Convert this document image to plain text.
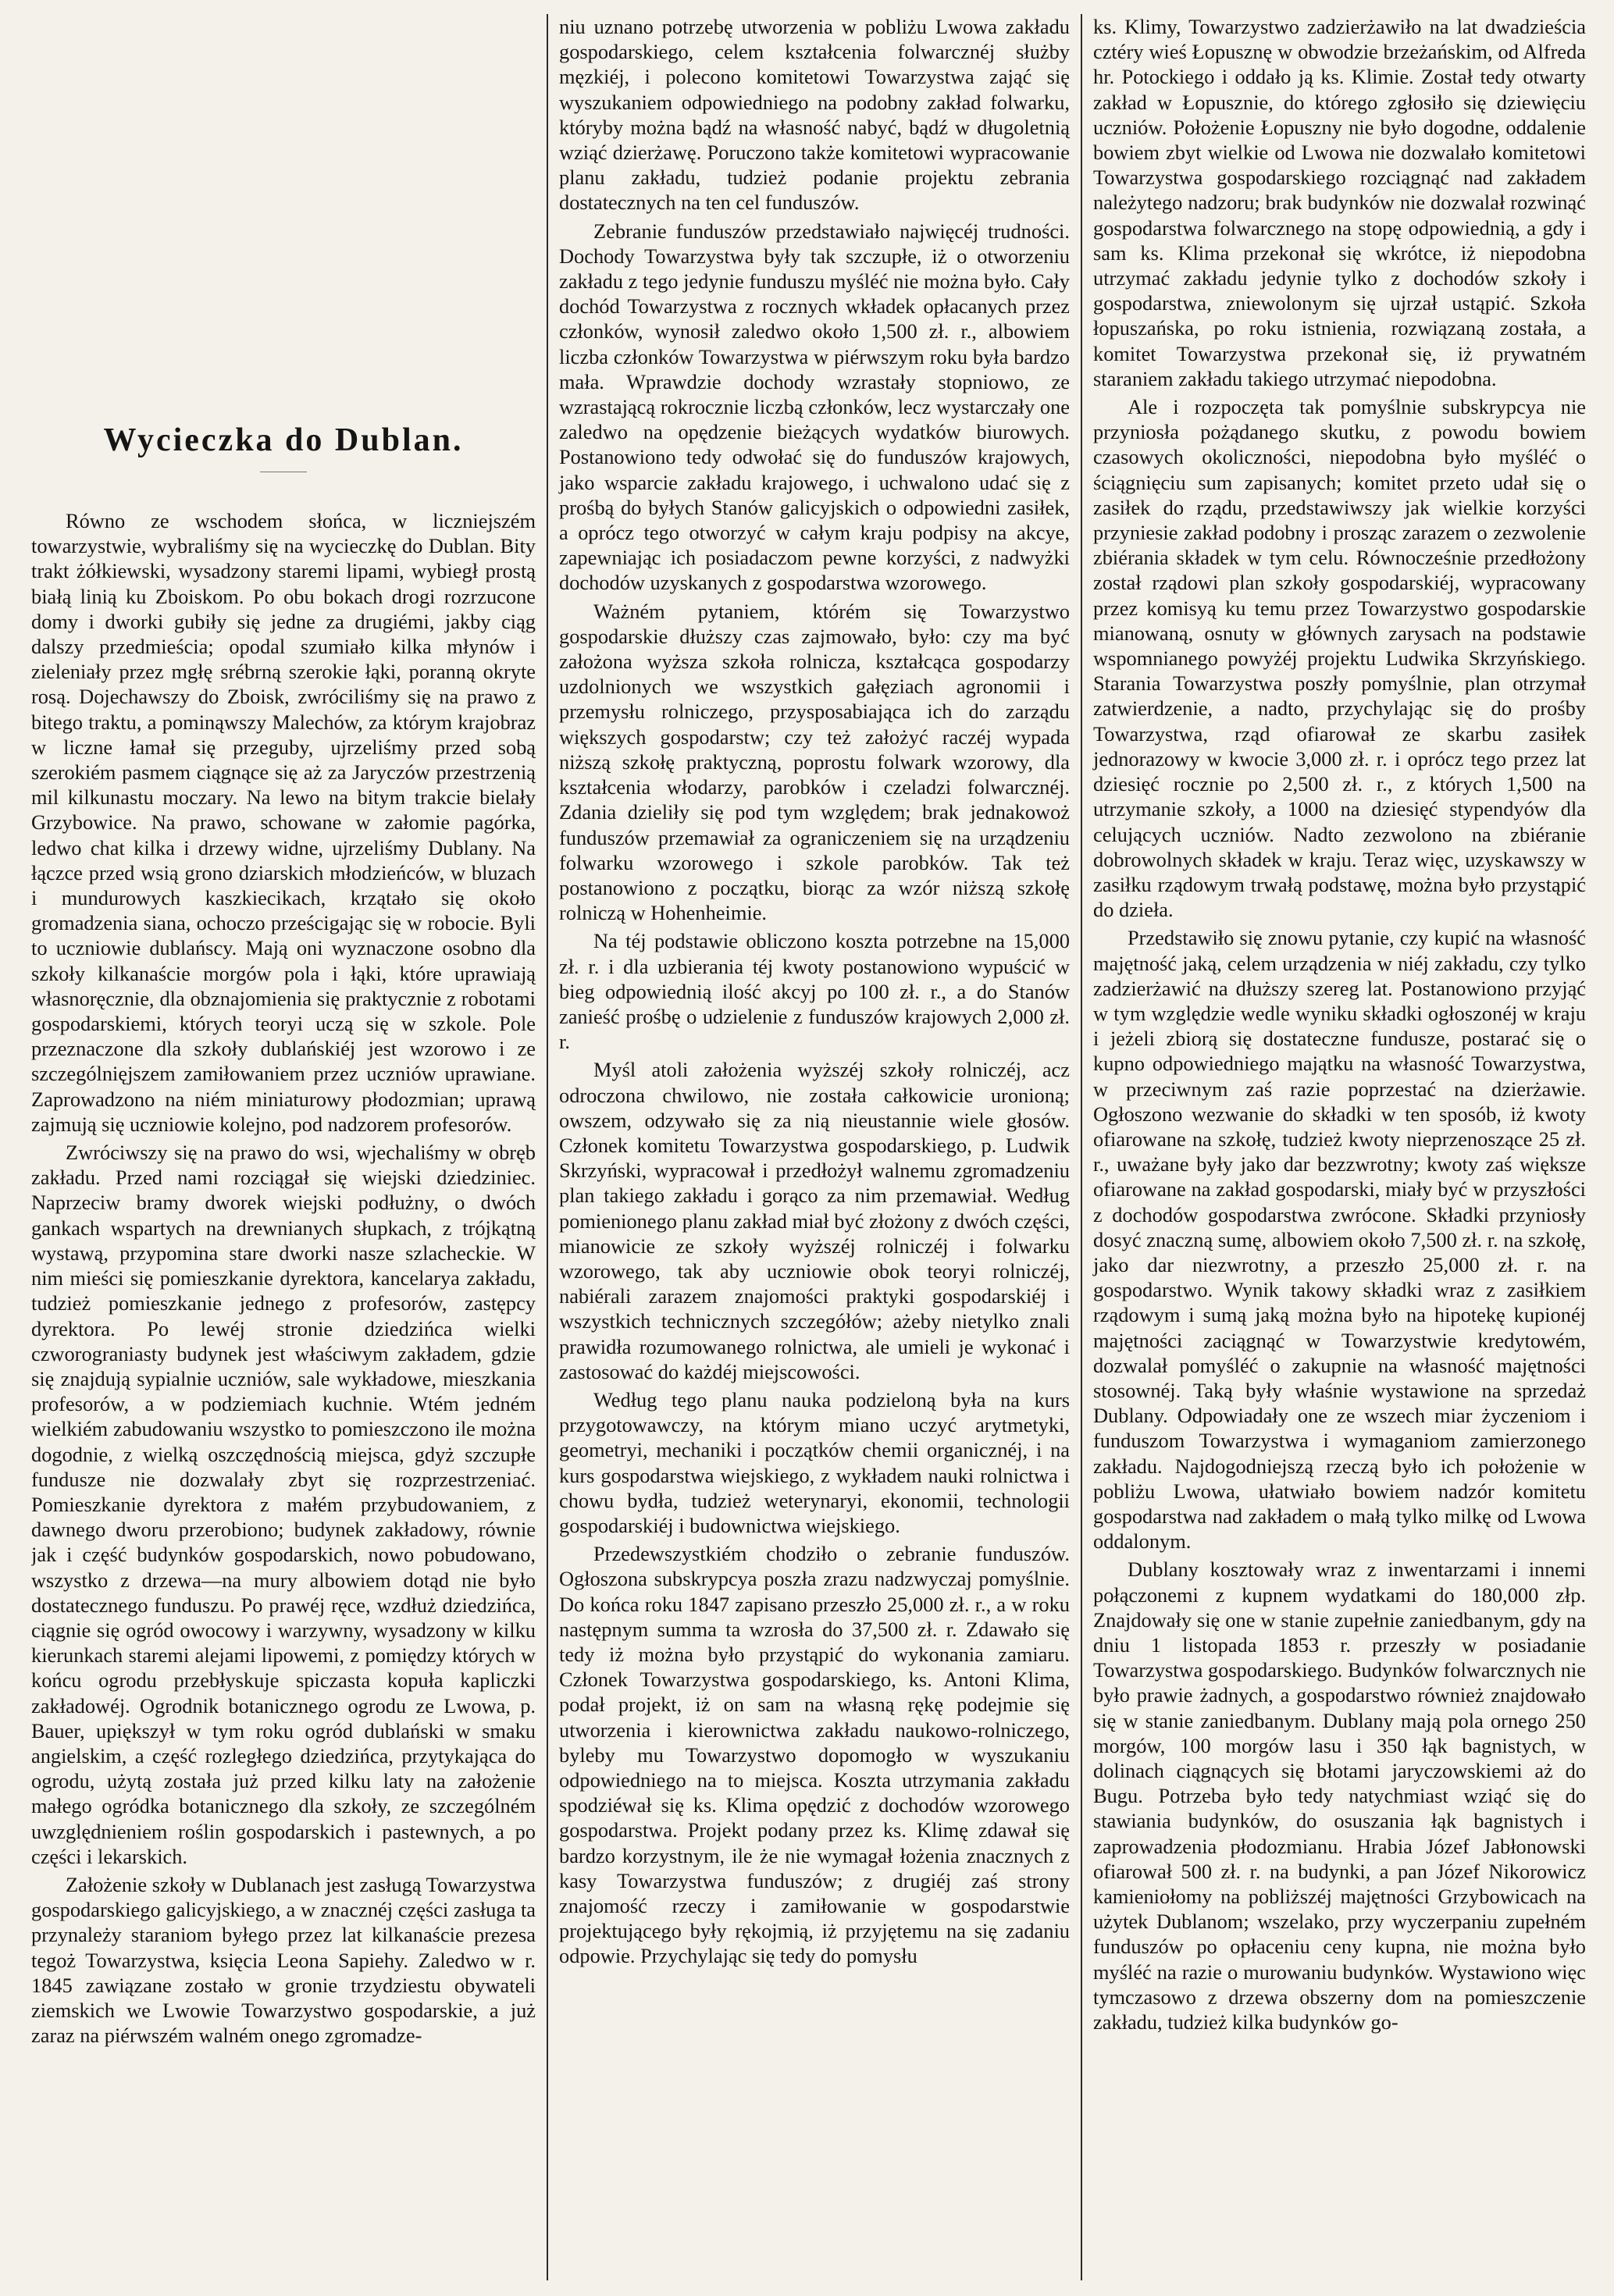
Wycieczka do Dublan.

Równo ze wschodem słońca, w liczniejszém towarzystwie, wybraliśmy się na wycieczkę do Dublan. Bity trakt żółkiewski, wysadzony staremi lipami, wybiegł prostą białą linią ku Zboiskom. Po obu bokach drogi rozrzucone domy i dworki gubiły się jedne za drugiémi, jakby ciąg dalszy przedmieścia; opodal szumiało kilka młynów i zieleniały przez mgłę srébrną szerokie łąki, poranną okryte rosą. Dojechawszy do Zboisk, zwróciliśmy się na prawo z bitego traktu, a pominąwszy Malechów, za którym krajobraz w liczne łamał się przeguby, ujrzeliśmy przed sobą szerokiém pasmem ciągnące się aż za Jaryczów przestrzenią mil kilkunastu moczary. Na lewo na bitym trakcie bielały Grzybowice. Na prawo, schowane w załomie pagórka, ledwo chat kilka i drzewy widne, ujrzeliśmy Dublany. Na łączce przed wsią grono dziarskich młodzieńców, w bluzach i mundurowych kaszkiecikach, krzątało się około gromadzenia siana, ochoczo prześcigając się w robocie. Byli to uczniowie dublańscy. Mają oni wyznaczone osobno dla szkoły kilkanaście morgów pola i łąki, które uprawiają własnoręcznie, dla obznajomienia się praktycznie z robotami gospodarskiemi, których teoryi uczą się w szkole. Pole przeznaczone dla szkoły dublańskiéj jest wzorowo i ze szczególnięjszem zamiłowaniem przez uczniów uprawiane. Zaprowadzono na niém miniaturowy płodozmian; uprawą zajmują się uczniowie kolejno, pod nadzorem profesorów.

Zwróciwszy się na prawo do wsi, wjechaliśmy w obręb zakładu. Przed nami rozciągał się wiejski dziedziniec. Naprzeciw bramy dworek wiejski podłużny, o dwóch gankach wspartych na drewnianych słupkach, z trójkątną wystawą, przypomina stare dworki nasze szlacheckie. W nim mieści się pomieszkanie dyrektora, kancelarya zakładu, tudzież pomieszkanie jednego z profesorów, zastępcy dyrektora. Po lewéj stronie dziedzińca wielki czworograniasty budynek jest właściwym zakładem, gdzie się znajdują sypialnie uczniów, sale wykładowe, mieszkania profesorów, a w podziemiach kuchnie. Wtém jedném wielkiém zabudowaniu wszystko to pomieszczono ile można dogodnie, z wielką oszczędnością miejsca, gdyż szczupłe fundusze nie dozwalały zbyt się rozprzestrzeniać. Pomieszkanie dyrektora z małém przybudowaniem, z dawnego dworu przerobiono; budynek zakładowy, równie jak i część budynków gospodarskich, nowo pobudowano, wszystko z drzewa—na mury albowiem dotąd nie było dostatecznego funduszu. Po prawéj ręce, wzdłuż dziedzińca, ciągnie się ogród owocowy i warzywny, wysadzony w kilku kierunkach staremi alejami lipowemi, z pomiędzy których w końcu ogrodu przebłyskuje spiczasta kopuła kapliczki zakładowéj. Ogrodnik botanicznego ogrodu ze Lwowa, p. Bauer, upiększył w tym roku ogród dublański w smaku angielskim, a część rozległego dziedzińca, przytykająca do ogrodu, użytą została już przed kilku laty na założenie małego ogródka botanicznego dla szkoły, ze szczególném uwzględnieniem roślin gospodarskich i pastewnych, a po części i lekarskich.

Założenie szkoły w Dublanach jest zasługą Towarzystwa gospodarskiego galicyjskiego, a w znacznéj części zasługa ta przynależy staraniom byłego przez lat kilkanaście prezesa tegoż Towarzystwa, księcia Leona Sapiehy. Zaledwo w r. 1845 zawiązane zostało w gronie trzydziestu obywateli ziemskich we Lwowie Towarzystwo gospodarskie, a już zaraz na piérwszém walném onego zgromadze-

niu uznano potrzebę utworzenia w pobliżu Lwowa zakładu gospodarskiego, celem kształcenia folwarcznéj służby męzkiéj, i polecono komitetowi Towarzystwa zająć się wyszukaniem odpowiedniego na podobny zakład folwarku, któryby można bądź na własność nabyć, bądź w długoletnią wziąć dzierżawę. Poruczono także komitetowi wypracowanie planu zakładu, tudzież podanie projektu zebrania dostatecznych na ten cel funduszów.

Zebranie funduszów przedstawiało najwięcéj trudności. Dochody Towarzystwa były tak szczupłe, iż o otworzeniu zakładu z tego jedynie funduszu myśléć nie można było. Cały dochód Towarzystwa z rocznych wkładek opłacanych przez członków, wynosił zaledwo około 1,500 zł. r., albowiem liczba członków Towarzystwa w piérwszym roku była bardzo mała. Wprawdzie dochody wzrastały stopniowo, ze wzrastającą rokrocznie liczbą członków, lecz wystarczały one zaledwo na opędzenie bieżących wydatków biurowych. Postanowiono tedy odwołać się do funduszów krajowych, jako wsparcie zakładu krajowego, i uchwalono udać się z prośbą do byłych Stanów galicyjskich o odpowiedni zasiłek, a oprócz tego otworzyć w całym kraju podpisy na akcye, zapewniając ich posiadaczom pewne korzyści, z nadwyżki dochodów uzyskanych z gospodarstwa wzorowego.

Ważném pytaniem, którém się Towarzystwo gospodarskie dłuższy czas zajmowało, było: czy ma być założona wyższa szkoła rolnicza, kształcąca gospodarzy uzdolnionych we wszystkich gałęziach agronomii i przemysłu rolniczego, przysposabiająca ich do zarządu większych gospodarstw; czy też założyć raczéj wypada niższą szkołę praktyczną, poprostu folwark wzorowy, dla kształcenia włodarzy, parobków i czeladzi folwarcznéj. Zdania dzieliły się pod tym względem; brak jednakowoż funduszów przemawiał za ograniczeniem się na urządzeniu folwarku wzorowego i szkole parobków. Tak też postanowiono z początku, biorąc za wzór niższą szkołę rolniczą w Hohenheimie.

Na téj podstawie obliczono koszta potrzebne na 15,000 zł. r. i dla uzbierania téj kwoty postanowiono wypuścić w bieg odpowiednią ilość akcyj po 100 zł. r., a do Stanów zanieść prośbę o udzielenie z funduszów krajowych 2,000 zł. r.

Myśl atoli założenia wyższéj szkoły rolniczéj, acz odroczona chwilowo, nie została całkowicie uronioną; owszem, odzywało się za nią nieustannie wiele głosów. Członek komitetu Towarzystwa gospodarskiego, p. Ludwik Skrzyński, wypracował i przedłożył walnemu zgromadzeniu plan takiego zakładu i gorąco za nim przemawiał. Według pomienionego planu zakład miał być złożony z dwóch części, mianowicie ze szkoły wyższéj rolniczéj i folwarku wzorowego, tak aby uczniowie obok teoryi rolniczéj, nabiérali zarazem znajomości praktyki gospodarskiéj i wszystkich technicznych szczegółów; ażeby nietylko znali prawidła rozumowanego rolnictwa, ale umieli je wykonać i zastosować do każdéj miejscowości.

Według tego planu nauka podzieloną była na kurs przygotowawczy, na którym miano uczyć arytmetyki, geometryi, mechaniki i początków chemii organicznéj, i na kurs gospodarstwa wiejskiego, z wykładem nauki rolnictwa i chowu bydła, tudzież weterynaryi, ekonomii, technologii gospodarskiéj i budownictwa wiejskiego.

Przedewszystkiém chodziło o zebranie funduszów. Ogłoszona subskrypcya poszła zrazu nadzwyczaj pomyślnie. Do końca roku 1847 zapisano przeszło 25,000 zł. r., a w roku następnym summa ta wzrosła do 37,500 zł. r. Zdawało się tedy iż można było przystąpić do wykonania zamiaru. Członek Towarzystwa gospodarskiego, ks. Antoni Klima, podał projekt, iż on sam na własną rękę podejmie się utworzenia i kierownictwa zakładu naukowo-rolniczego, byleby mu Towarzystwo dopomogło w wyszukaniu odpowiedniego na to miejsca. Koszta utrzymania zakładu spodziéwał się ks. Klima opędzić z dochodów wzorowego gospodarstwa. Projekt podany przez ks. Klimę zdawał się bardzo korzystnym, ile że nie wymagał łożenia znacznych z kasy Towarzystwa funduszów; z drugiéj zaś strony znajomość rzeczy i zamiłowanie w gospodarstwie projektującego były rękojmią, iż przyjętemu na się zadaniu odpowie. Przychylając się tedy do pomysłu

ks. Klimy, Towarzystwo zadzierżawiło na lat dwadzieścia cztéry wieś Łopusznę w obwodzie brzeżańskim, od Alfreda hr. Potockiego i oddało ją ks. Klimie. Został tedy otwarty zakład w Łopusznie, do którego zgłosiło się dziewięciu uczniów. Położenie Łopuszny nie było dogodne, oddalenie bowiem zbyt wielkie od Lwowa nie dozwalało komitetowi Towarzystwa gospodarskiego rozciągnąć nad zakładem należytego nadzoru; brak budynków nie dozwalał rozwinąć gospodarstwa folwarcznego na stopę odpowiednią, a gdy i sam ks. Klima przekonał się wkrótce, iż niepodobna utrzymać zakładu jedynie tylko z dochodów szkoły i gospodarstwa, zniewolonym się ujrzał ustąpić. Szkoła łopuszańska, po roku istnienia, rozwiązaną została, a komitet Towarzystwa przekonał się, iż prywatném staraniem zakładu takiego utrzymać niepodobna.

Ale i rozpoczęta tak pomyślnie subskrypcya nie przyniosła pożądanego skutku, z powodu bowiem czasowych okoliczności, niepodobna było myśléć o ściągnięciu sum zapisanych; komitet przeto udał się o zasiłek do rządu, przedstawiwszy jak wielkie korzyści przyniesie zakład podobny i prosząc zarazem o zezwolenie zbiérania składek w tym celu. Równocześnie przedłożony został rządowi plan szkoły gospodarskiéj, wypracowany przez komisyą ku temu przez Towarzystwo gospodarskie mianowaną, osnuty w głównych zarysach na podstawie wspomnianego powyżéj projektu Ludwika Skrzyńskiego. Starania Towarzystwa poszły pomyślnie, plan otrzymał zatwierdzenie, a nadto, przychylając się do prośby Towarzystwa, rząd ofiarował ze skarbu zasiłek jednorazowy w kwocie 3,000 zł. r. i oprócz tego przez lat dziesięć rocznie po 2,500 zł. r., z których 1,500 na utrzymanie szkoły, a 1000 na dziesięć stypendyów dla celujących uczniów. Nadto zezwolono na zbiéranie dobrowolnych składek w kraju. Teraz więc, uzyskawszy w zasiłku rządowym trwałą podstawę, można było przystąpić do dzieła.

Przedstawiło się znowu pytanie, czy kupić na własność majętność jaką, celem urządzenia w niéj zakładu, czy tylko zadzierżawić na dłuższy szereg lat. Postanowiono przyjąć w tym względzie wedle wyniku składki ogłoszonéj w kraju i jeżeli zbiorą się dostateczne fundusze, postarać się o kupno odpowiedniego majątku na własność Towarzystwa, w przeciwnym zaś razie poprzestać na dzierżawie. Ogłoszono wezwanie do składki w ten sposób, iż kwoty ofiarowane na szkołę, tudzież kwoty nieprzenoszące 25 zł. r., uważane były jako dar bezzwrotny; kwoty zaś większe ofiarowane na zakład gospodarski, miały być w przyszłości z dochodów gospodarstwa zwrócone. Składki przyniosły dosyć znaczną sumę, albowiem około 7,500 zł. r. na szkołę, jako dar niezwrotny, a przeszło 25,000 zł. r. na gospodarstwo. Wynik takowy składki wraz z zasiłkiem rządowym i sumą jaką można było na hipotekę kupionéj majętności zaciągnąć w Towarzystwie kredytowém, dozwalał pomyśléć o zakupnie na własność majętności stosownéj. Taką były właśnie wystawione na sprzedaż Dublany. Odpowiadały one ze wszech miar życzeniom i funduszom Towarzystwa i wymaganiom zamierzonego zakładu. Najdogodniejszą rzeczą było ich położenie w pobliżu Lwowa, ułatwiało bowiem nadzór komitetu gospodarstwa nad zakładem o małą tylko milkę od Lwowa oddalonym.

Dublany kosztowały wraz z inwentarzami i innemi połączonemi z kupnem wydatkami do 180,000 złp. Znajdowały się one w stanie zupełnie zaniedbanym, gdy na dniu 1 listopada 1853 r. przeszły w posiadanie Towarzystwa gospodarskiego. Budynków folwarcznych nie było prawie żadnych, a gospodarstwo również znajdowało się w stanie zaniedbanym. Dublany mają pola ornego 250 morgów, 100 morgów lasu i 350 łąk bagnistych, w dolinach ciągnących się błotami jaryczowskiemi aż do Bugu. Potrzeba było tedy natychmiast wziąć się do stawiania budynków, do osuszania łąk bagnistych i zaprowadzenia płodozmianu. Hrabia Józef Jabłonowski ofiarował 500 zł. r. na budynki, a pan Józef Nikorowicz kamieniołomy na pobliższéj majętności Grzybowicach na użytek Dublanom; wszelako, przy wyczerpaniu zupełném funduszów po opłaceniu ceny kupna, nie można było myśléć na razie o murowaniu budynków. Wystawiono więc tymczasowo z drzewa obszerny dom na pomieszczenie zakładu, tudzież kilka budynków go-
